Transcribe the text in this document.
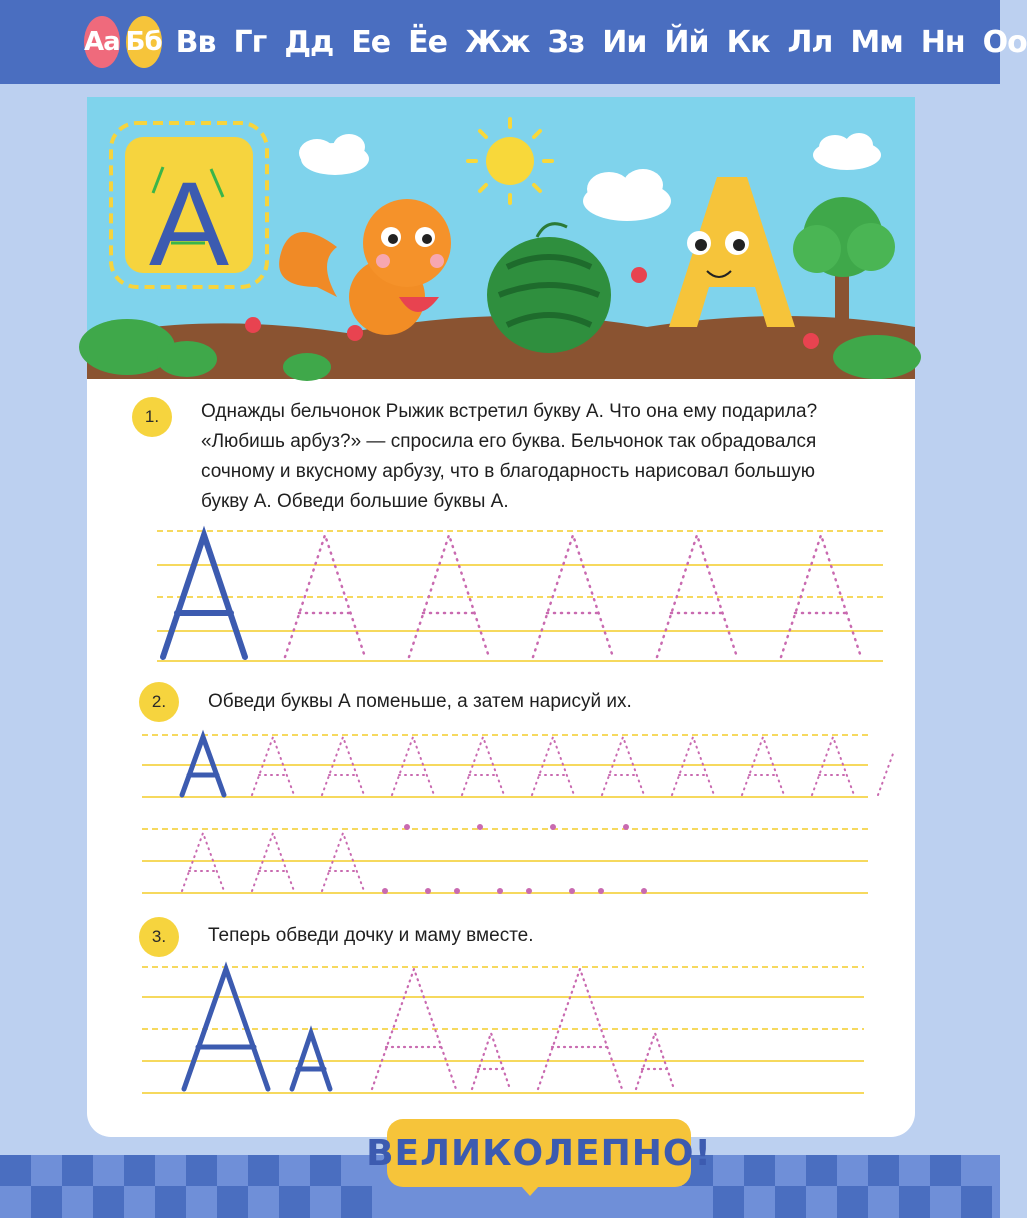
Аа Бб Вв Гг Дд Ее Ёе Жж Зз Ии Йй Кк Лл Мм Нн Оо
А
1.	Однажды бельчонок Рыжик встретил букву А. Что она ему подарила?
«Любишь арбуз?» — спросила его буква. Бельчонок так обрадовался
сочному и вкусному арбузу, что в благодарность нарисовал большую
букву А. Обведи большие буквы А.
2.	Обведи буквы А поменьше, а затем нарисуй их.
3.	Теперь обведи дочку и маму вместе.
ВЕЛИКОЛЕПНО!
